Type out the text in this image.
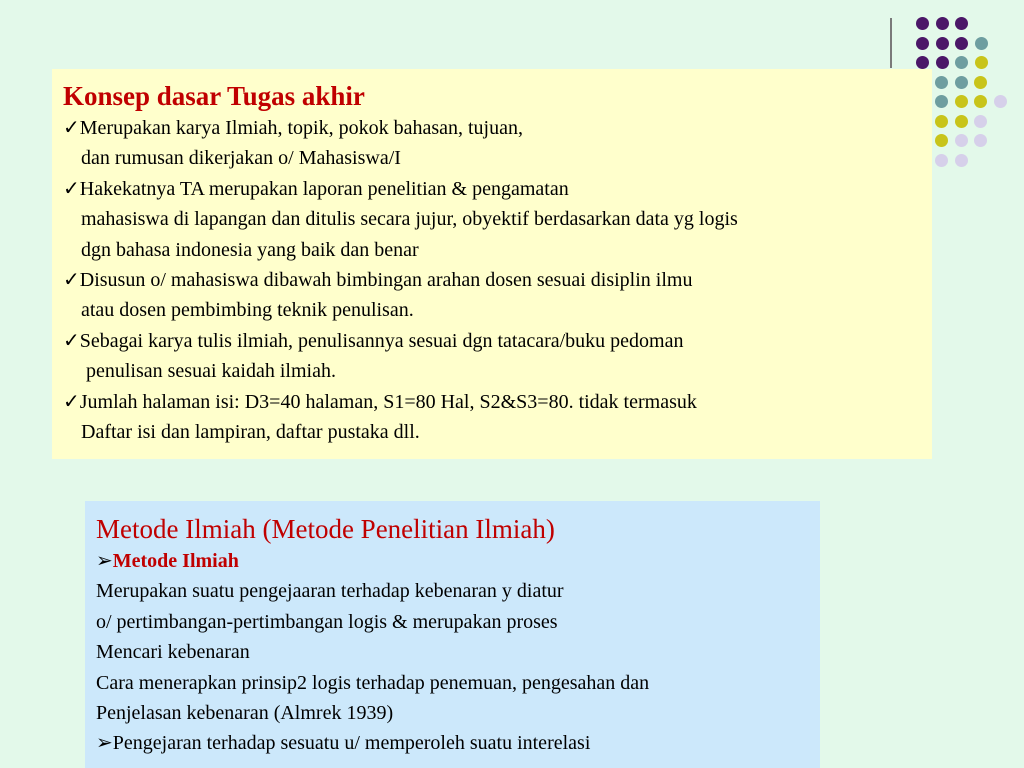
Konsep dasar Tugas akhir
✓Merupakan karya Ilmiah, topik, pokok bahasan, tujuan,
dan rumusan dikerjakan o/ Mahasiswa/I
✓Hakekatnya TA merupakan laporan penelitian & pengamatan
mahasiswa di lapangan dan ditulis secara jujur, obyektif berdasarkan data yg logis
dgn bahasa indonesia yang baik dan benar
✓Disusun o/ mahasiswa dibawah bimbingan arahan dosen sesuai disiplin ilmu
atau dosen pembimbing teknik penulisan.
✓Sebagai karya tulis ilmiah, penulisannya sesuai dgn tatacara/buku pedoman
penulisan sesuai kaidah ilmiah.
✓Jumlah halaman isi: D3=40 halaman, S1=80 Hal, S2&S3=80. tidak termasuk
Daftar isi dan lampiran, daftar pustaka dll.
Metode Ilmiah (Metode Penelitian Ilmiah)
➢Metode Ilmiah
Merupakan suatu pengejaaran terhadap kebenaran y diatur
o/ pertimbangan-pertimbangan logis & merupakan proses
Mencari kebenaran
Cara menerapkan prinsip2 logis terhadap penemuan, pengesahan dan
Penjelasan kebenaran (Almrek 1939)
➢Pengejaran terhadap sesuatu u/ memperoleh suatu interelasi
